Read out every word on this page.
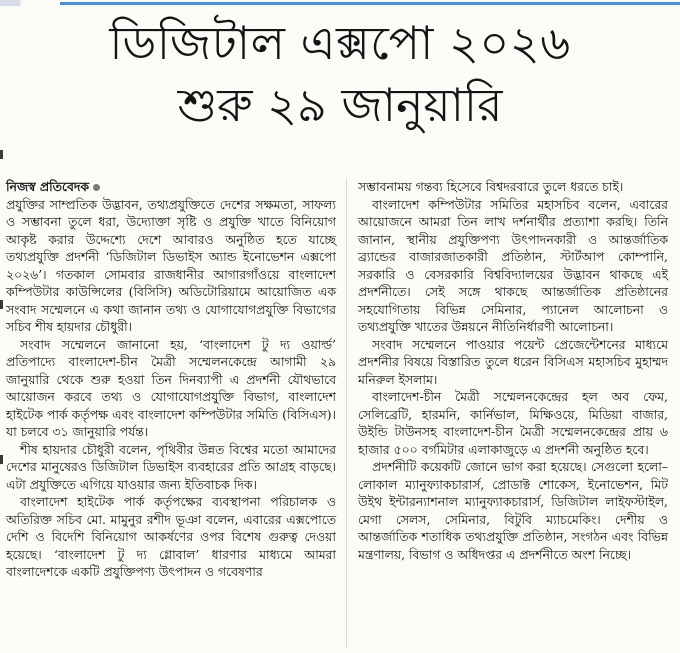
ডিজিটাল এক্সপো ২০২৬
শুরু ২৯ জানুয়ারি

নিজস্ব প্রতিবেদক

প্রযুক্তির সাম্প্রতিক উদ্ভাবন, তথ্যপ্রযুক্তিতে দেশের সক্ষমতা, সাফল্য ও সম্ভাবনা তুলে ধরা, উদ্যোক্তা সৃষ্টি ও প্রযুক্তি খাতে বিনিয়োগ আকৃষ্ট করার উদ্দেশ্যে দেশে আবারও অনুষ্ঠিত হতে যাচ্ছে তথ্যপ্রযুক্তি প্রদর্শনী ‘ডিজিটাল ডিভাইস অ্যান্ড ইনোভেশন এক্সপো ২০২৬’। গতকাল সোমবার রাজধানীর আগারগাঁওয়ে বাংলাদেশ কম্পিউটার কাউন্সিলের (বিসিসি) অডিটোরিয়ামে আয়োজিত এক সংবাদ সম্মেলনে এ কথা জানান তথ্য ও যোগাযোগপ্রযুক্তি বিভাগের সচিব শীষ হায়দার চৌধুরী।

সংবাদ সম্মেলনে জানানো হয়, ‘বাংলাদেশ টু দ্য ওয়ার্ল্ড’ প্রতিপাদ্যে বাংলাদেশ-চীন মৈত্রী সম্মেলনকেন্দ্রে আগামী ২৯ জানুয়ারি থেকে শুরু হওয়া তিন দিনব্যাপী এ প্রদর্শনী যৌথভাবে আয়োজন করবে তথ্য ও যোগাযোগপ্রযুক্তি বিভাগ, বাংলাদেশ হাইটেক পার্ক কর্তৃপক্ষ এবং বাংলাদেশ কম্পিউটার সমিতি (বিসিএস)। যা চলবে ৩১ জানুয়ারি পর্যন্ত।

শীষ হায়দার চৌধুরী বলেন, পৃথিবীর উন্নত বিশ্বের মতো আমাদের দেশের মানুষেরও ডিজিটাল ডিভাইস ব্যবহারের প্রতি আগ্রহ বাড়ছে। এটা প্রযুক্তিতে এগিয়ে যাওয়ার জন্য ইতিবাচক দিক।

বাংলাদেশ হাইটেক পার্ক কর্তৃপক্ষের ব্যবস্থাপনা পরিচালক ও অতিরিক্ত সচিব মো. মামুনুর রশীদ ভূঞা বলেন, এবারের এক্সপোতে দেশি ও বিদেশি বিনিয়োগ আকর্ষণের ওপর বিশেষ গুরুত্ব দেওয়া হয়েছে। ‘বাংলাদেশ টু দ্য গ্লোবাল’ ধারণার মাধ্যমে আমরা বাংলাদেশকে একটি প্রযুক্তিপণ্য উৎপাদন ও গবেষণার

সম্ভাবনাময় গন্তব্য হিসেবে বিশ্বদরবারে তুলে ধরতে চাই।

বাংলাদেশ কম্পিউটার সমিতির মহাসচিব বলেন, এবারের আয়োজনে আমরা তিন লাখ দর্শনার্থীর প্রত্যাশা করছি। তিনি জানান, স্থানীয় প্রযুক্তিপণ্য উৎপাদনকারী ও আন্তর্জাতিক ব্র্যান্ডের বাজারজাতকারী প্রতিষ্ঠান, স্টার্টআপ কোম্পানি, সরকারি ও বেসরকারি বিশ্ববিদ্যালয়ের উদ্ভাবন থাকছে এই প্রদর্শনীতে। সেই সঙ্গে থাকছে আন্তর্জাতিক প্রতিষ্ঠানের সহযোগিতায় বিভিন্ন সেমিনার, প্যানেল আলোচনা ও তথ্যপ্রযুক্তি খাতের উন্নয়নে নীতিনির্ধারণী আলোচনা।

সংবাদ সম্মেলনে পাওয়ার পয়েন্ট প্রেজেন্টেশনের মাধ্যমে প্রদর্শনীর বিষয়ে বিস্তারিত তুলে ধরেন বিসিএস মহাসচিব মুহাম্মদ মনিরুল ইসলাম।

বাংলাদেশ-চীন মৈত্রী সম্মেলনকেন্দ্রের হল অব ফেম, সেলিব্রেটি, হারমনি, কার্নিভাল, মিক্ষিওয়ে, মিডিয়া বাজার, উইন্ডি টাউনসহ বাংলাদেশ-চীন মৈত্রী সম্মেলনকেন্দ্রের প্রায় ৬ হাজার ৫০০ বর্গমিটার এলাকাজুড়ে এ প্রদর্শনী অনুষ্ঠিত হবে।

প্রদর্শনীটি কয়েকটি জোনে ভাগ করা হয়েছে। সেগুলো হলো– লোকাল ম্যানুফ্যাকচারার্স, প্রোডাক্ট শোকেস, ইনোভেশন, মিট উইথ ইন্টারন্যাশনাল ম্যানুফ্যাকচারার্স, ডিজিটাল লাইফস্টাইল, মেগা সেলস, সেমিনার, বিটুবি ম্যাচমেকিং। দেশীয় ও আন্তর্জাতিক শতাধিক তথ্যপ্রযুক্তি প্রতিষ্ঠান, সংগঠন এবং বিভিন্ন মন্ত্রণালয়, বিভাগ ও অধিদপ্তর এ প্রদর্শনীতে অংশ নিচ্ছে।
